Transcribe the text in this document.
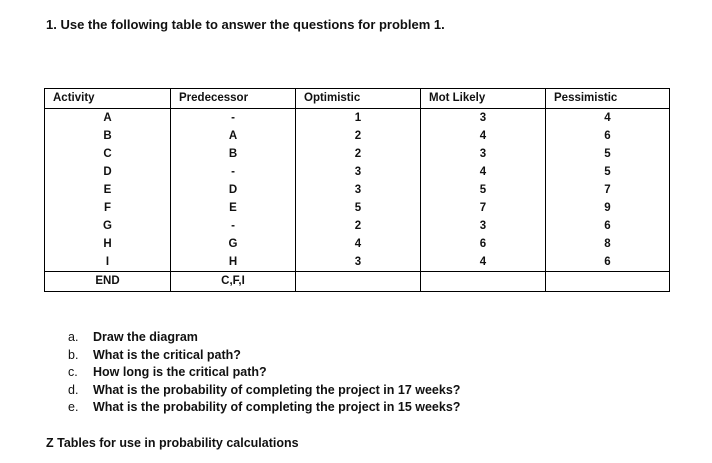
1. Use the following table to answer the questions for problem 1.
Activity	Predecessor	Optimistic	Mot Likely	Pessimistic
A	-	1	3	4
B	A	2	4	6
C	B	2	3	5
D	-	3	4	5
E	D	3	5	7
F	E	5	7	9
G	-	2	3	6
H	G	4	6	8
I	H	3	4	6
END	C,F,I			
a. Draw the diagram
b. What is the critical path?
c. How long is the critical path?
d. What is the probability of completing the project in 17 weeks?
e. What is the probability of completing the project in 15 weeks?
Z Tables for use in probability calculations
